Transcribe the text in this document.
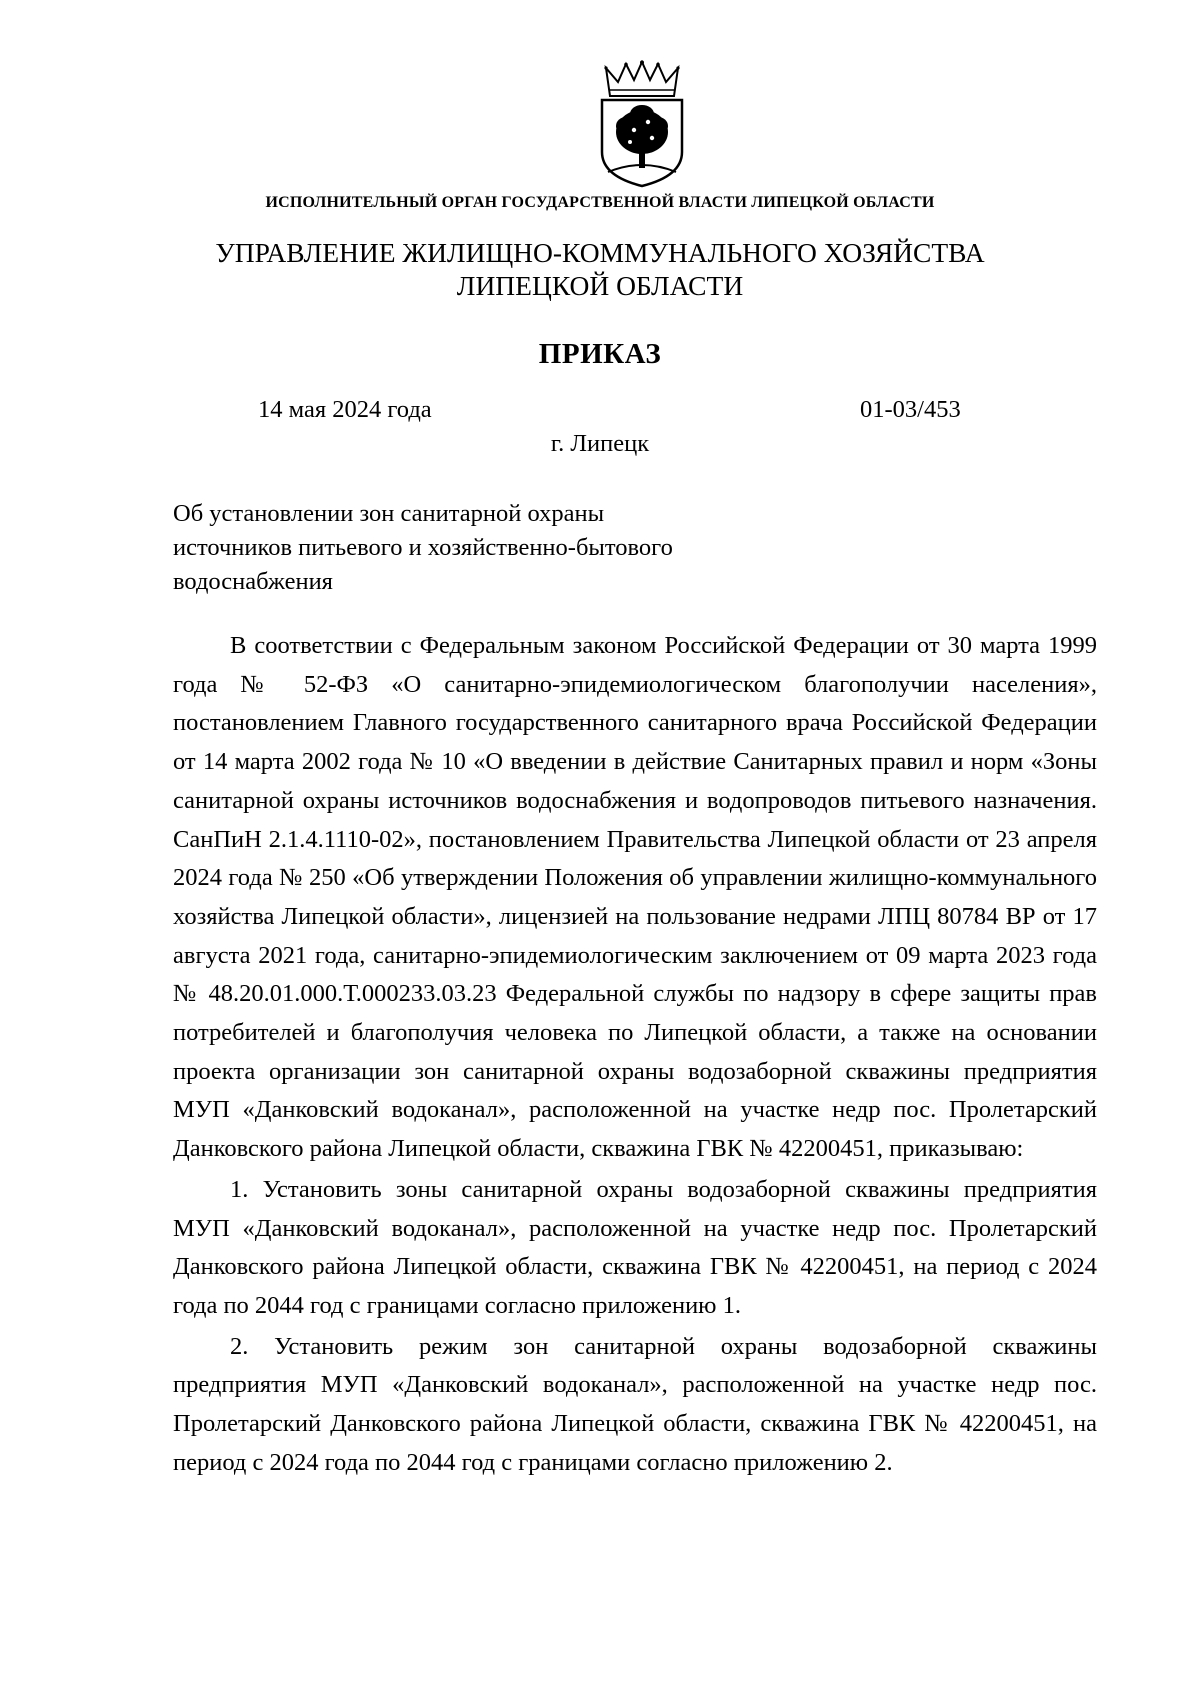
ИСПОЛНИТЕЛЬНЫЙ ОРГАН ГОСУДАРСТВЕННОЙ ВЛАСТИ ЛИПЕЦКОЙ ОБЛАСТИ
УПРАВЛЕНИЕ ЖИЛИЩНО-КОММУНАЛЬНОГО ХОЗЯЙСТВА
ЛИПЕЦКОЙ ОБЛАСТИ
ПРИКАЗ
14 мая 2024 года	01-03/453
г. Липецк
Об установлении зон санитарной охраны
источников питьевого и хозяйственно-бытового
водоснабжения

В соответствии с Федеральным законом Российской Федерации от 30 марта 1999 года № 52-ФЗ «О санитарно-эпидемиологическом благополучии населения», постановлением Главного государственного санитарного врача Российской Федерации от 14 марта 2002 года № 10 «О введении в действие Санитарных правил и норм «Зоны санитарной охраны источников водоснабжения и водопроводов питьевого назначения. СанПиН 2.1.4.1110-02», постановлением Правительства Липецкой области от 23 апреля 2024 года № 250 «Об утверждении Положения об управлении жилищно-коммунального хозяйства Липецкой области», лицензией на пользование недрами ЛПЦ 80784 ВР от 17 августа 2021 года, санитарно-эпидемиологическим заключением от 09 марта 2023 года № 48.20.01.000.Т.000233.03.23 Федеральной службы по надзору в сфере защиты прав потребителей и благополучия человека по Липецкой области, а также на основании проекта организации зон санитарной охраны водозаборной скважины предприятия МУП «Данковский водоканал», расположенной на участке недр пос. Пролетарский Данковского района Липецкой области, скважина ГВК № 42200451, приказываю:

1. Установить зоны санитарной охраны водозаборной скважины предприятия МУП «Данковский водоканал», расположенной на участке недр пос. Пролетарский Данковского района Липецкой области, скважина ГВК № 42200451, на период с 2024 года по 2044 год с границами согласно приложению 1.

2. Установить режим зон санитарной охраны водозаборной скважины предприятия МУП «Данковский водоканал», расположенной на участке недр пос. Пролетарский Данковского района Липецкой области, скважина ГВК № 42200451, на период с 2024 года по 2044 год с границами согласно приложению 2.
